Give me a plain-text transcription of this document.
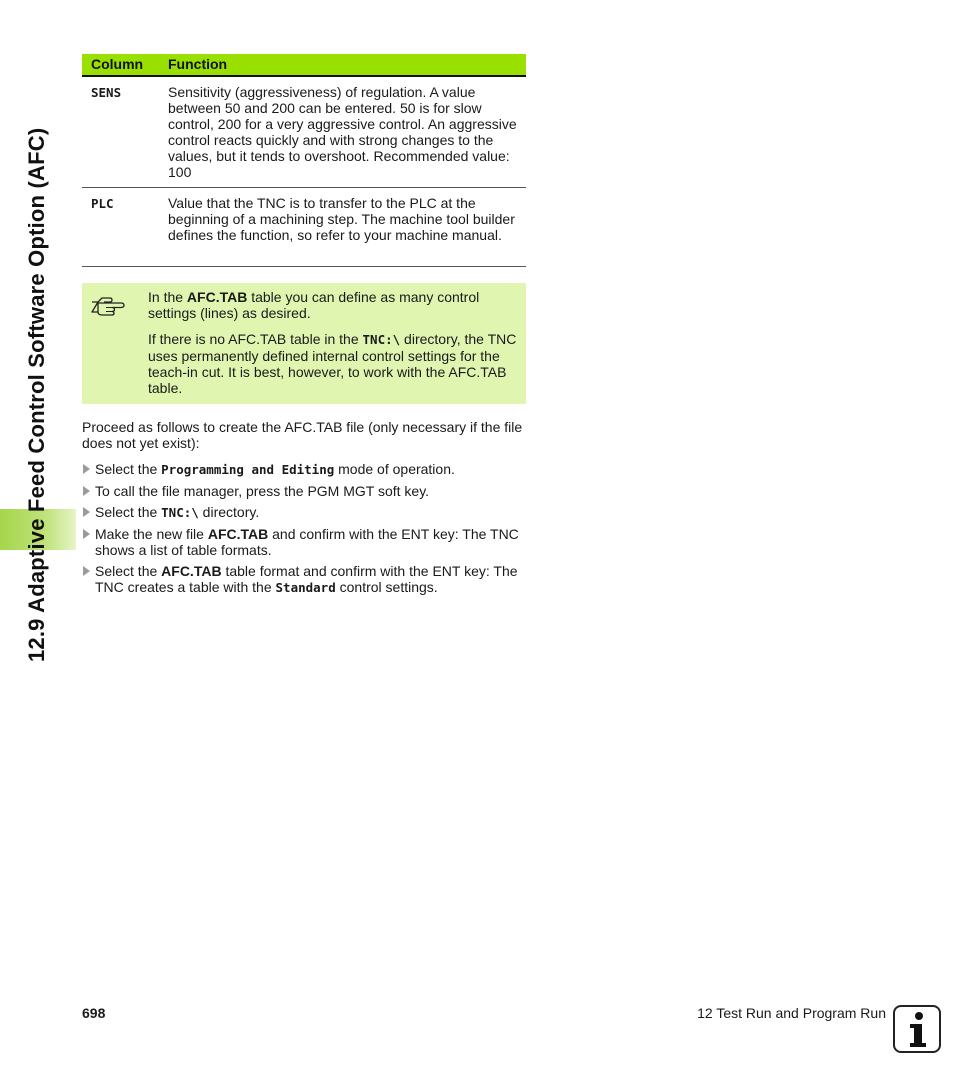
12.9 Adaptive Feed Control Software Option (AFC)
Column	Function
SENS	Sensitivity (aggressiveness) of regulation. A value between 50 and 200 can be entered. 50 is for slow control, 200 for a very aggressive control. An aggressive control reacts quickly and with strong changes to the values, but it tends to overshoot. Recommended value: 100
PLC	Value that the TNC is to transfer to the PLC at the beginning of a machining step. The machine tool builder defines the function, so refer to your machine manual.

In the AFC.TAB table you can define as many control settings (lines) as desired.

If there is no AFC.TAB table in the TNC:\ directory, the TNC uses permanently defined internal control settings for the teach-in cut. It is best, however, to work with the AFC.TAB table.

Proceed as follows to create the AFC.TAB file (only necessary if the file does not yet exist):

Select the Programming and Editing mode of operation.
To call the file manager, press the PGM MGT soft key.
Select the TNC:\ directory.
Make the new file AFC.TAB and confirm with the ENT key: The TNC shows a list of table formats.
Select the AFC.TAB table format and confirm with the ENT key: The TNC creates a table with the Standard control settings.
698	12 Test Run and Program Run
